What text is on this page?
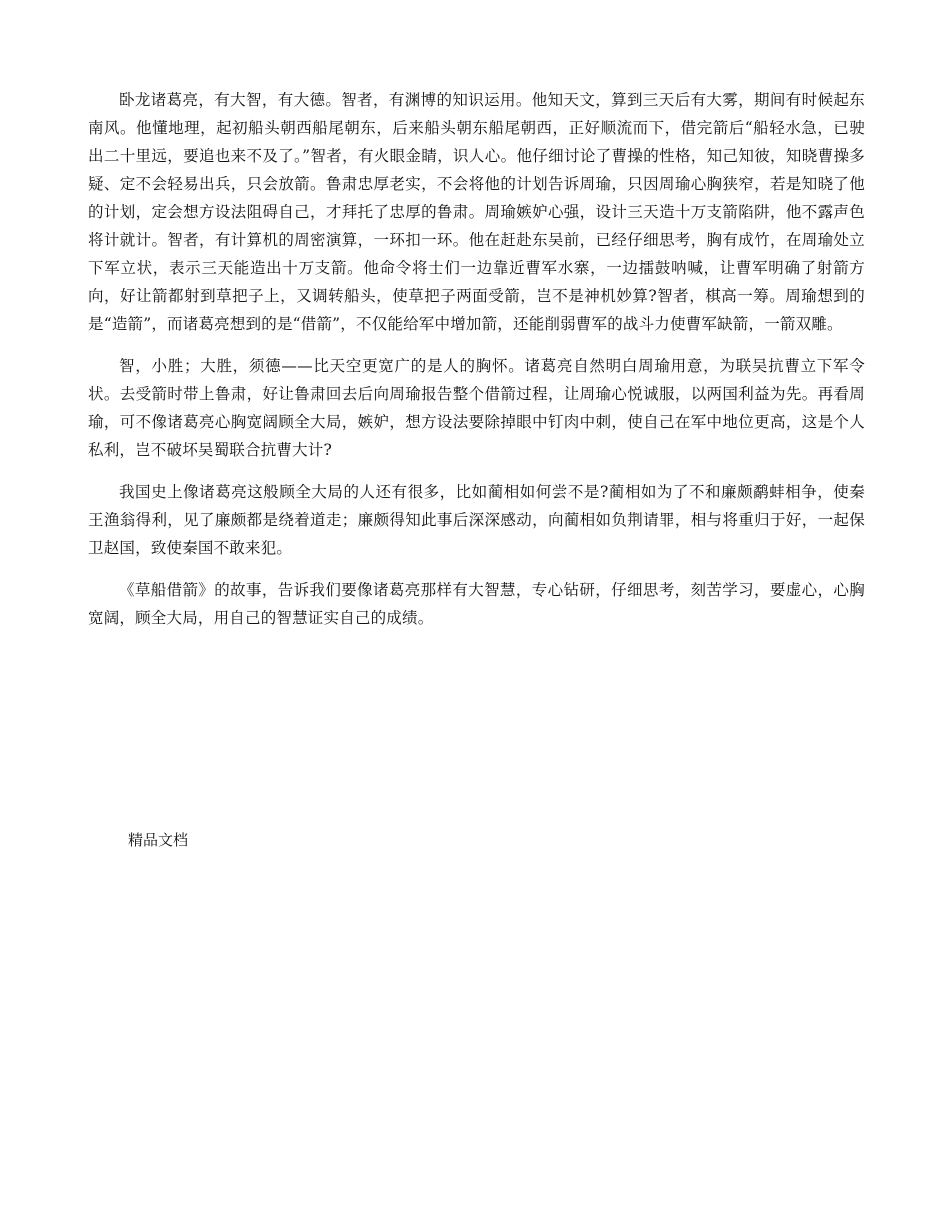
卧龙诸葛亮，有大智，有大德。智者，有渊博的知识运用。他知天文，算到三天后有大雾，期间有时候起东南风。他懂地理，起初船头朝西船尾朝东，后来船头朝东船尾朝西，正好顺流而下，借完箭后“船轻水急，已驶出二十里远，要追也来不及了。”智者，有火眼金睛，识人心。他仔细讨论了曹操的性格，知己知彼，知晓曹操多疑、定不会轻易出兵，只会放箭。鲁肃忠厚老实，不会将他的计划告诉周瑜，只因周瑜心胸狭窄，若是知晓了他的计划，定会想方设法阻碍自己，才拜托了忠厚的鲁肃。周瑜嫉妒心强，设计三天造十万支箭陷阱，他不露声色将计就计。智者，有计算机的周密演算，一环扣一环。他在赶赴东吴前，已经仔细思考，胸有成竹，在周瑜处立下军立状，表示三天能造出十万支箭。他命令将士们一边靠近曹军水寨，一边擂鼓呐喊，让曹军明确了射箭方向，好让箭都射到草把子上，又调转船头，使草把子两面受箭，岂不是神机妙算?智者，棋高一筹。周瑜想到的是“造箭”，而诸葛亮想到的是“借箭”，不仅能给军中增加箭，还能削弱曹军的战斗力使曹军缺箭，一箭双雕。

智，小胜；大胜，须德——比天空更宽广的是人的胸怀。诸葛亮自然明白周瑜用意，为联吴抗曹立下军令状。去受箭时带上鲁肃，好让鲁肃回去后向周瑜报告整个借箭过程，让周瑜心悦诚服，以两国利益为先。再看周瑜，可不像诸葛亮心胸宽阔顾全大局，嫉妒，想方设法要除掉眼中钉肉中刺，使自己在军中地位更高，这是个人私利，岂不破坏吴蜀联合抗曹大计?

我国史上像诸葛亮这般顾全大局的人还有很多，比如蔺相如何尝不是?蔺相如为了不和廉颇鹬蚌相争，使秦王渔翁得利，见了廉颇都是绕着道走；廉颇得知此事后深深感动，向蔺相如负荆请罪，相与将重归于好，一起保卫赵国，致使秦国不敢来犯。

《草船借箭》的故事，告诉我们要像诸葛亮那样有大智慧，专心钻研，仔细思考，刻苦学习，要虚心，心胸宽阔，顾全大局，用自己的智慧证实自己的成绩。

精品文档
